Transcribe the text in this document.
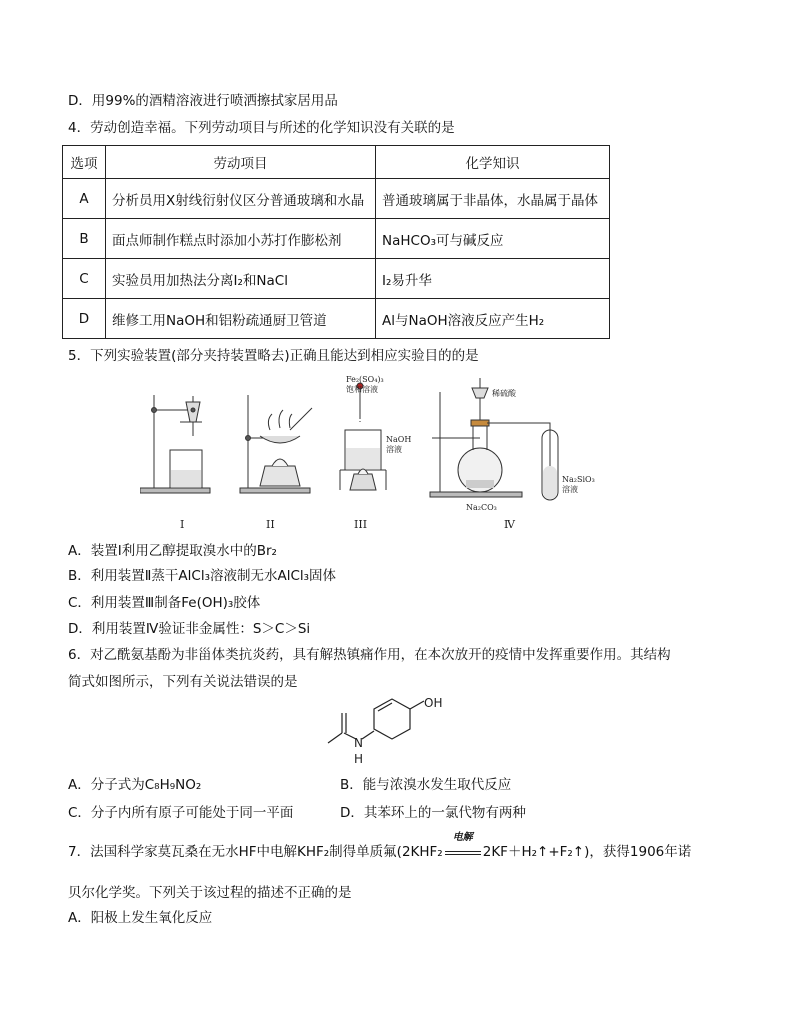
D．用99%的酒精溶液进行喷洒擦拭家居用品
4．劳动创造幸福。下列劳动项目与所述的化学知识没有关联的是
选项	劳动项目	化学知识
A	分析员用X射线衍射仪区分普通玻璃和水晶	普通玻璃属于非晶体，水晶属于晶体
B	面点师制作糕点时添加小苏打作膨松剂	NaHCO₃可与碱反应
C	实验员用加热法分离I₂和NaCl	I₂易升华
D	维修工用NaOH和铝粉疏通厨卫管道	Al与NaOH溶液反应产生H₂
5．下列实验装置(部分夹持装置略去)正确且能达到相应实验目的的是
Fe₂(SO₄)₃
饱和溶液
NaOH
溶液
稀硫酸
Na₂CO₃
Na₂SiO₃
溶液
I	II	III	Ⅳ
A．装置Ⅰ利用乙醇提取溴水中的Br₂
B．利用装置Ⅱ蒸干AlCl₃溶液制无水AlCl₃固体
C．利用装置Ⅲ制备Fe(OH)₃胶体
D．利用装置Ⅳ验证非金属性：S＞C＞Si
6．对乙酰氨基酚为非甾体类抗炎药，具有解热镇痛作用，在本次放开的疫情中发挥重要作用。其结构
简式如图所示，下列有关说法错误的是
OH
N
H
A．分子式为C₈H₉NO₂	B．能与浓溴水发生取代反应
C．分子内所有原子可能处于同一平面	D．其苯环上的一氯代物有两种
7．法国科学家莫瓦桑在无水HF中电解KHF₂制得单质氟(2KHF₂
电解
2KF＋H₂↑+F₂↑)，获得1906年诺
贝尔化学奖。下列关于该过程的描述不正确的是
A．阳极上发生氧化反应
